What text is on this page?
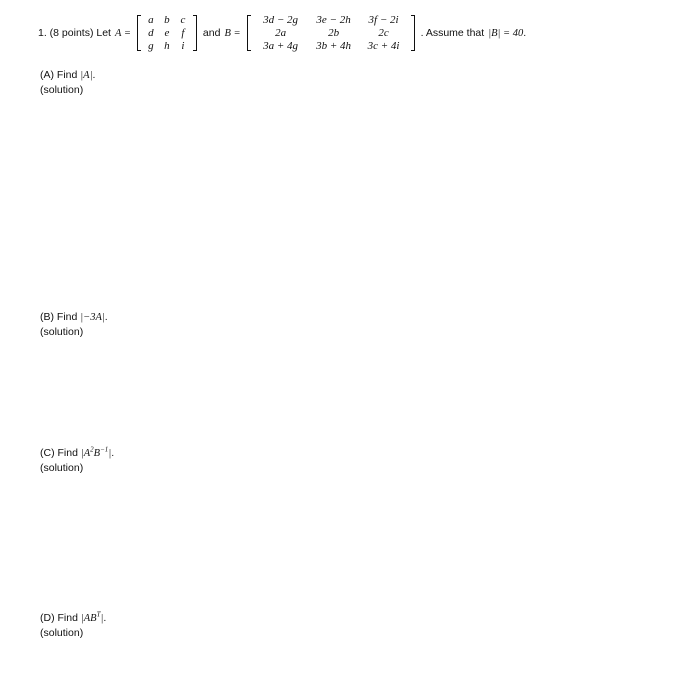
1. (8 points) Let A =
a b c
d e	f
g h	i
and B =
3d − 2g	3e − 2h	3f − 2i
2a	2b	2c
3a + 4g	3b + 4h	3c + 4i
. Assume that |B| = 40 .
(A) Find
|A| .
(solution)
(B) Find
|−3A| .
(solution)
(C) Find
$|A^2B^{-1}|$ .
(solution)
(D) Find
$|AB^T|$ .
(solution)
